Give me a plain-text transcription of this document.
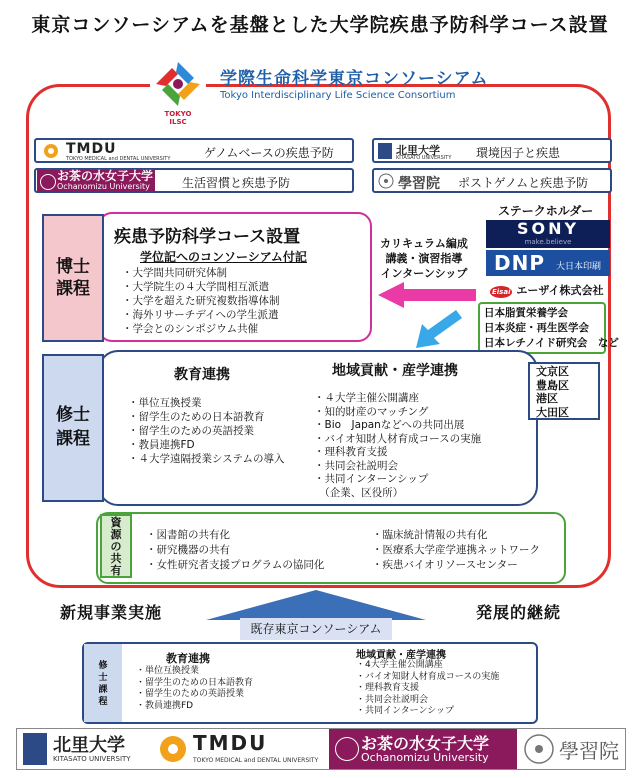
東京コンソーシアムを基盤とした大学院疾患予防科学コース設置
TOKYO
ILSC
学際生命科学東京コンソーシアム
Tokyo Interdisciplinary Life Science Consortium
TMDU
TOKYO MEDICAL and DENTAL UNIVERSITY	ゲノムベースの疾患予防	北里大学
KITASATO UNIVERSITY 環境因子と疾患
お茶の水女子大学
Ochanomizu University	生活習慣と疾患予防	學習院 ポストゲノムと疾患予防
疾患予防科学コース設置
学位記へのコンソーシアム付記
・大学間共同研究体制
・大学院生の４大学間相互派遣
・大学を超えた研究複数指導体制
・海外リサーチデイへの学生派遣
・学会とのシンポジウム共催
博士
課程
カリキュラム編成
講義・演習指導
インターンシップ
ステークホルダー
SONY
make.believe
DNP 大日本印刷
Eisai エーザイ株式会社
日本脂質栄養学会
日本炎症・再生医学会
日本レチノイド研究会　など
教育連携
・単位互換授業
・留学生のための日本語教育
・留学生のための英語授業
・教員連携FD
・４大学遠隔授業システムの導入
地域貢献・産学連携
・４大学主催公開講座
・知的財産のマッチング
・Bio　Japanなどへの共同出展
・バイオ知財人材育成コースの実施
・理科教育支援
・共同会社説明会
・共同インターンシップ
　（企業、区役所）
修士
課程
文京区
豊島区
港区
大田区
・図書館の共有化
・研究機器の共有
・女性研究者支援プログラムの協同化
・臨床統計情報の共有化
・医療系大学産学連携ネットワーク
・疾患バイオリソースセンター
資
源
の
共
有
新規事業実施	発展的継続
既存東京コンソーシアム
教育連携
・単位互換授業
・留学生のための日本語教育
・留学生のための英語授業
・教員連携FD
地域貢献・産学連携
・4大学主催公開講座
・バイオ知財人材育成コースの実施
・理科教育支援
・共同会社説明会
・共同インターンシップ
修
士
課
程
北里大学
KITASATO UNIVERSITY
TMDU
TOKYO MEDICAL and DENTAL UNIVERSITY
お茶の水女子大学
Ochanomizu University	學習院
